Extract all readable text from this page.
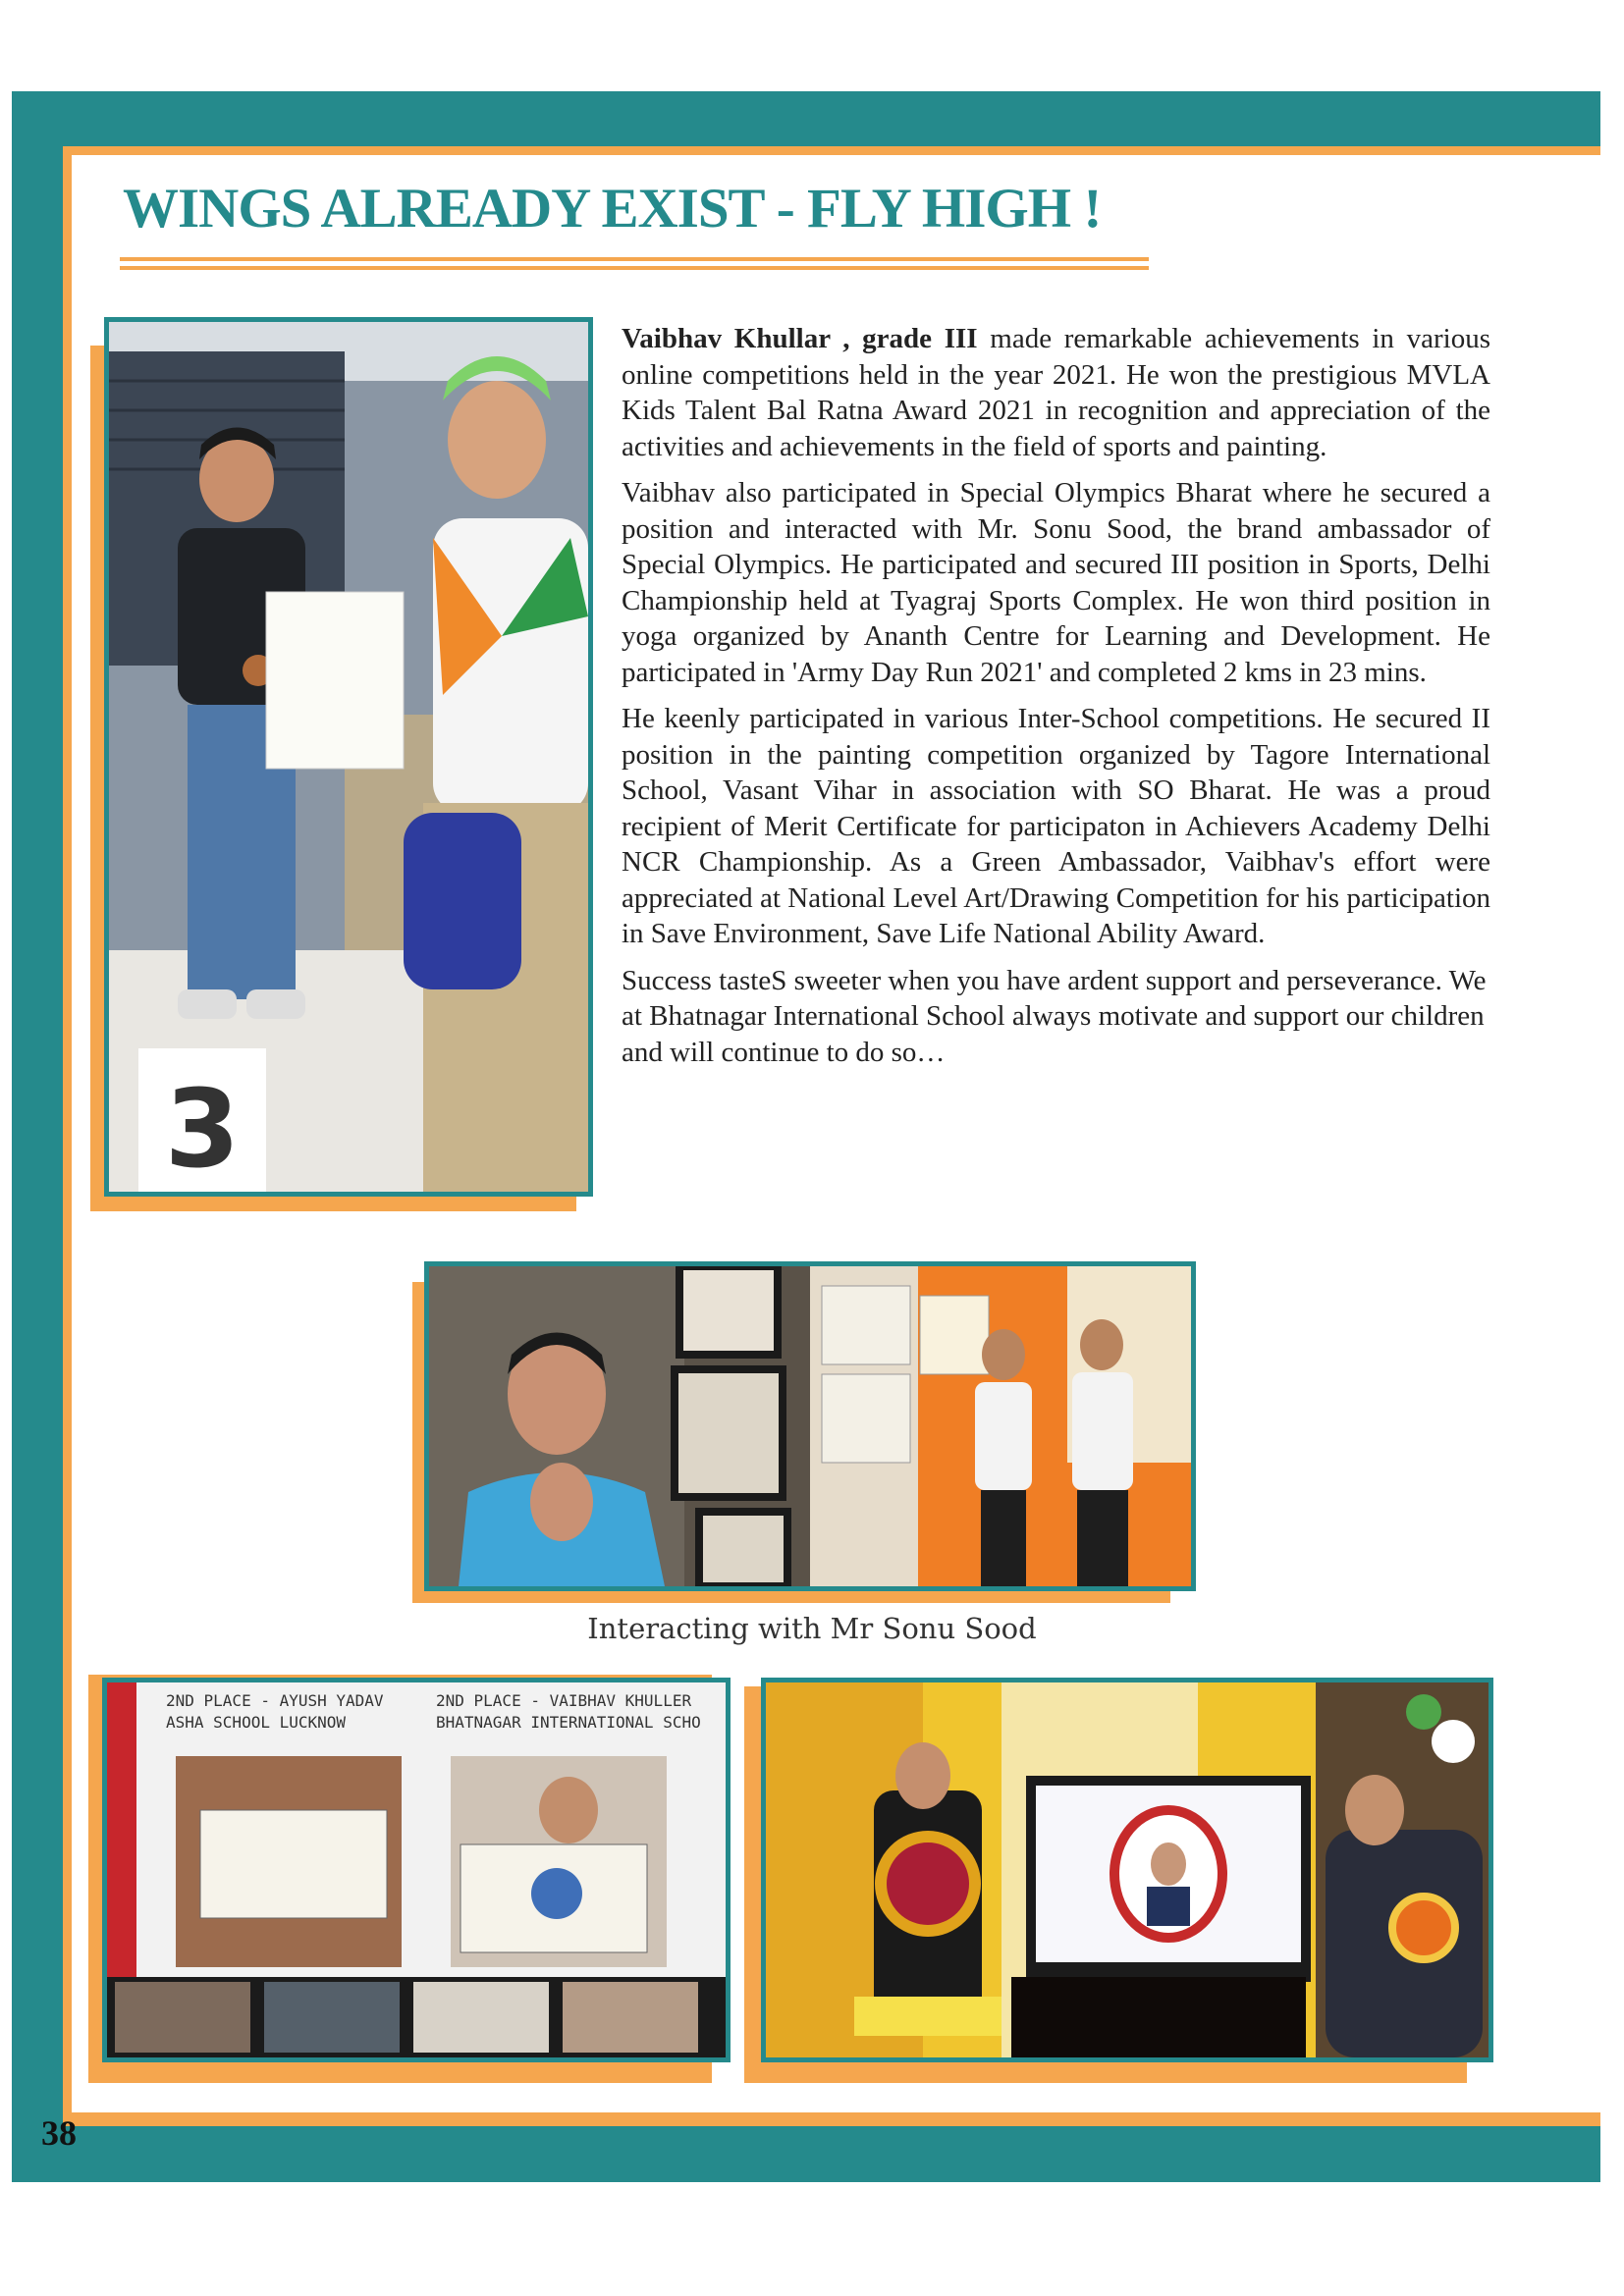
WINGS ALREADY EXIST - FLY HIGH !
3

Vaibhav Khullar , grade III made remarkable achievements in various online competitions held in the year 2021. He won the prestigious MVLA Kids Talent Bal Ratna Award 2021 in recognition and appreciation of the activities and achievements in the field of sports and painting.

Vaibhav also participated in Special Olympics Bharat where he secured a position and interacted with Mr. Sonu Sood, the brand ambassador of Special Olympics. He participated and secured III position in Sports, Delhi Championship held at Tyagraj Sports Complex. He won third position in yoga organized by Ananth Centre for Learning and Development. He participated in 'Army Day Run 2021' and completed 2 kms in 23 mins.

He keenly participated in various Inter-School competitions. He secured II position in the painting competition organized by Tagore International School, Vasant Vihar in association with SO Bharat. He was a proud recipient of Merit Certificate for participaton in Achievers Academy Delhi NCR Championship. As a Green Ambassador, Vaibhav's effort were appreciated at National Level Art/Drawing Competition for his participation in Save Environment, Save Life National Ability Award.

Success tasteS sweeter when you have ardent support and perseverance. We at Bhatnagar International School always motivate and support our children and will continue to do so…

Interacting with Mr Sonu Sood
2ND PLACE - AYUSH YADAV
ASHA SCHOOL LUCKNOW
2ND PLACE - VAIBHAV KHULLER
BHATNAGAR INTERNATIONAL SCHO
38
